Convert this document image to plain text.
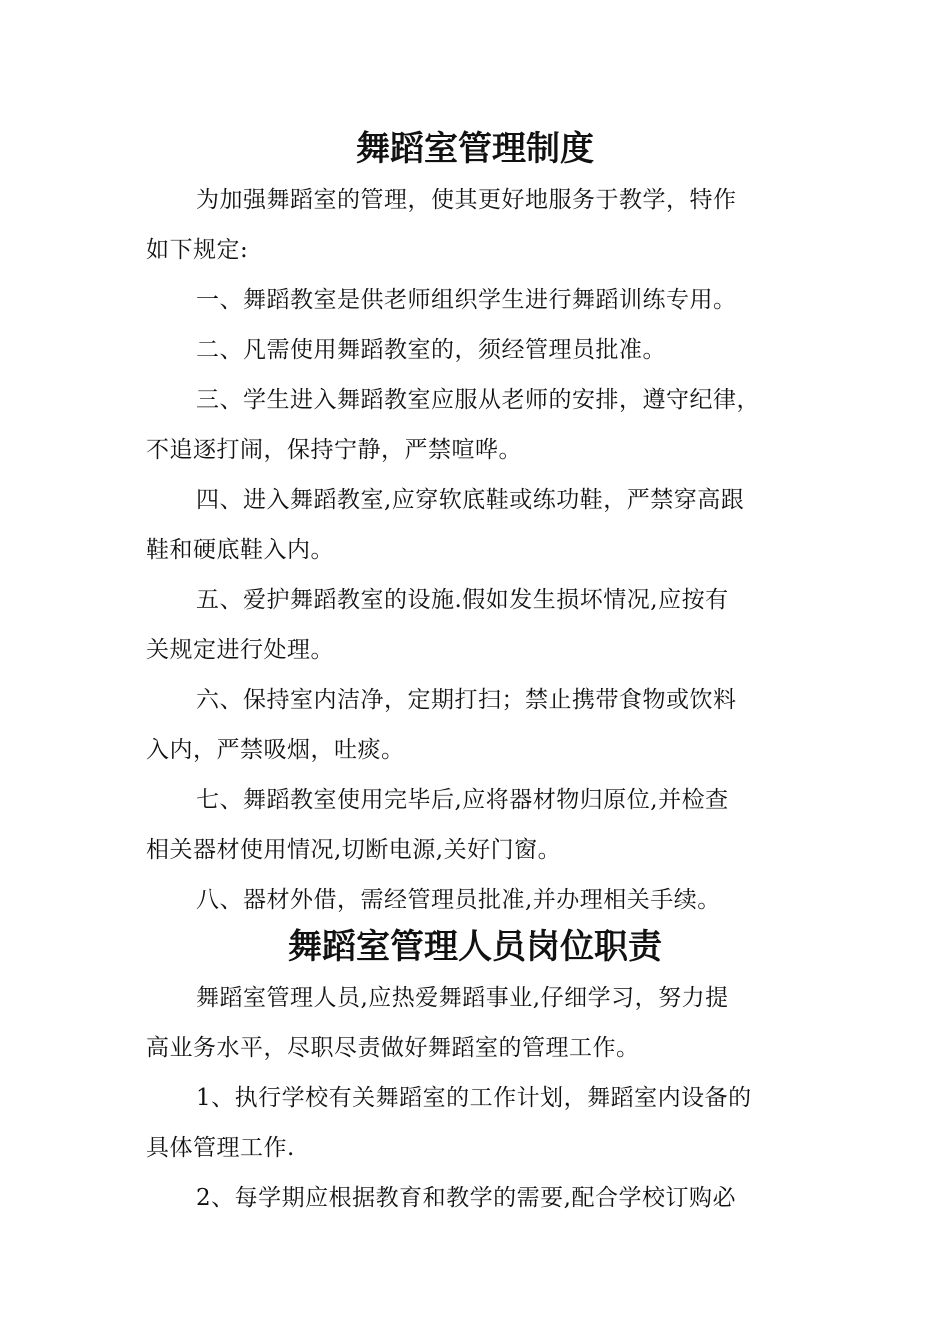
舞蹈室管理制度
为加强舞蹈室的管理，使其更好地服务于教学，特作
如下规定:
一、舞蹈教室是供老师组织学生进行舞蹈训练专用。
二、凡需使用舞蹈教室的，须经管理员批准。
三、学生进入舞蹈教室应服从老师的安排，遵守纪律，
不追逐打闹，保持宁静，严禁喧哗。
四、进入舞蹈教室,应穿软底鞋或练功鞋，严禁穿高跟
鞋和硬底鞋入内。
五、爱护舞蹈教室的设施.假如发生损坏情况,应按有
关规定进行处理。
六、保持室内洁净，定期打扫；禁止携带食物或饮料
入内，严禁吸烟，吐痰。
七、舞蹈教室使用完毕后,应将器材物归原位,并检查
相关器材使用情况,切断电源,关好门窗。
八、器材外借，需经管理员批准,并办理相关手续。
舞蹈室管理人员岗位职责
舞蹈室管理人员,应热爱舞蹈事业,仔细学习，努力提
高业务水平，尽职尽责做好舞蹈室的管理工作。
1、执行学校有关舞蹈室的工作计划，舞蹈室内设备的
具体管理工作.
2、每学期应根据教育和教学的需要,配合学校订购必
